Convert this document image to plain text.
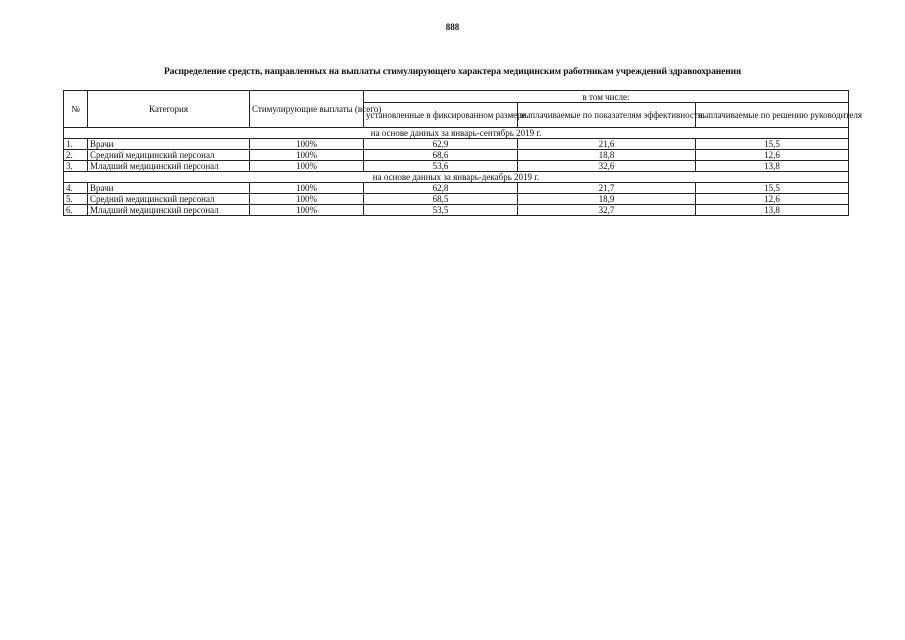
888
Распределение средств, направленных на выплаты стимулирующего характера медицинским работникам учреждений здравоохранения
№	Категория	Стимулирующие выплаты (всего)	в том числе:		
			установленные в фиксированном размере	выплачиваемые по показателям эффективности	выплачиваемые по решению руководителя
на основе данных за январь-сентябрь 2019 г.					
1.	Врачи	100%	62,9	21,6	15,5
2.	Средний медицинский персонал	100%	68,6	18,8	12,6
3.	Младший медицинский персонал	100%	53,6	32,6	13,8
на основе данных за январь-декабрь 2019 г.					
4.	Врачи	100%	62,8	21,7	15,5
5.	Средний медицинский персонал	100%	68,5	18,9	12,6
6.	Младший медицинский персонал	100%	53,5	32,7	13,8
